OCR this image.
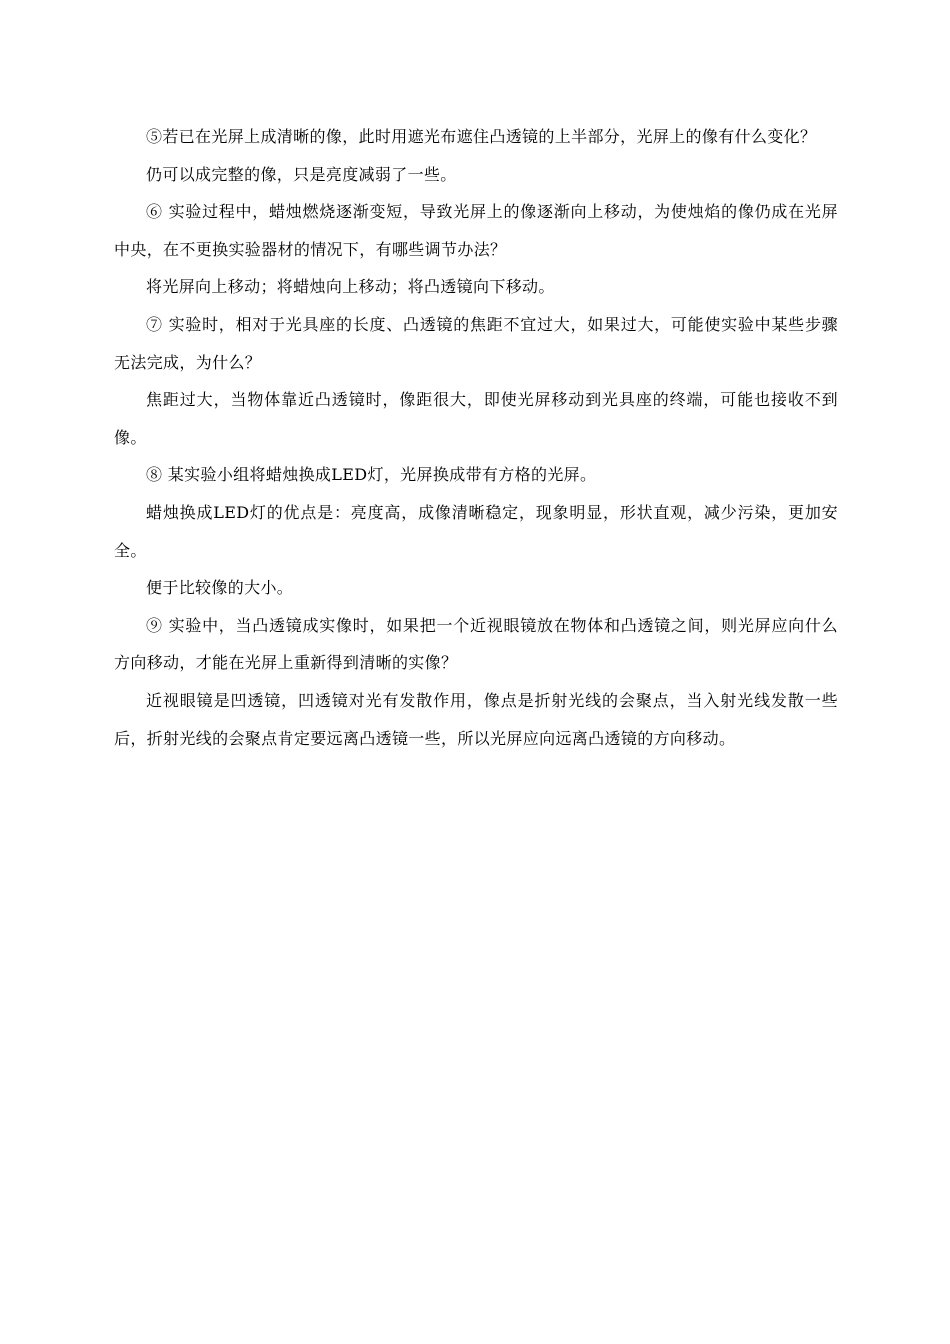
⑤若已在光屏上成清晰的像，此时用遮光布遮住凸透镜的上半部分，光屏上的像有什么变化？

仍可以成完整的像，只是亮度减弱了一些。

⑥ 实验过程中，蜡烛燃烧逐渐变短，导致光屏上的像逐渐向上移动，为使烛焰的像仍成在光屏中央，在不更换实验器材的情况下，有哪些调节办法？

将光屏向上移动；将蜡烛向上移动；将凸透镜向下移动。

⑦ 实验时，相对于光具座的长度、凸透镜的焦距不宜过大，如果过大，可能使实验中某些步骤无法完成，为什么？

焦距过大，当物体靠近凸透镜时，像距很大，即使光屏移动到光具座的终端，可能也接收不到像。

⑧ 某实验小组将蜡烛换成LED灯，光屏换成带有方格的光屏。

蜡烛换成LED灯的优点是：亮度高，成像清晰稳定，现象明显，形状直观，减少污染，更加安全。

便于比较像的大小。

⑨ 实验中，当凸透镜成实像时，如果把一个近视眼镜放在物体和凸透镜之间，则光屏应向什么方向移动，才能在光屏上重新得到清晰的实像？

近视眼镜是凹透镜，凹透镜对光有发散作用，像点是折射光线的会聚点，当入射光线发散一些后，折射光线的会聚点肯定要远离凸透镜一些，所以光屏应向远离凸透镜的方向移动。
